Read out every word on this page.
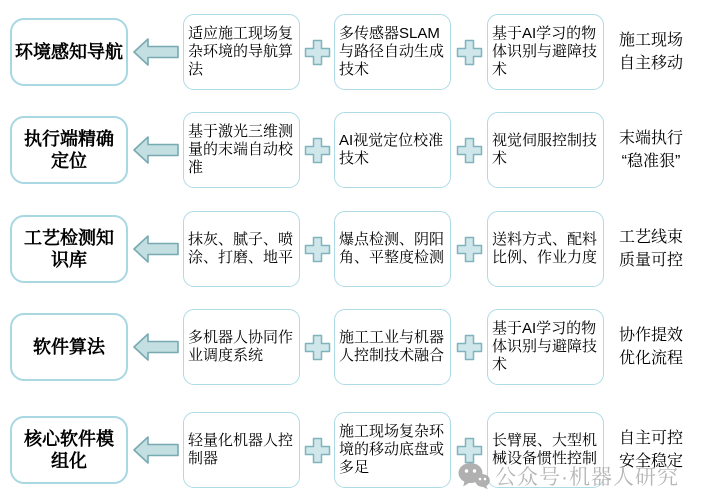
环境感知导航
适应施工现场复杂环境的导航算法
多传感器SLAM与路径自动生成技术
基于AI学习的物体识别与避障技术
施工现场
自主移动
执行端精确
定位
基于激光三维测量的末端自动校准
AI视觉定位校准技术
视觉伺服控制技术
末端执行
“稳准狠”
工艺检测知
识库
抹灰、腻子、喷涂、打磨、地平
爆点检测、阴阳角、平整度检测
送料方式、配料比例、作业力度
工艺线束
质量可控
软件算法	多机器人协同作业调度系统
施工工业与机器人控制技术融合
基于AI学习的物体识别与避障技术
协作提效
优化流程
核心软件模
组化
轻量化机器人控制器
施工现场复杂环境的移动底盘或多足
长臂展、大型机械设备惯性控制
自主可控
安全稳定
公众号·机器人研究
